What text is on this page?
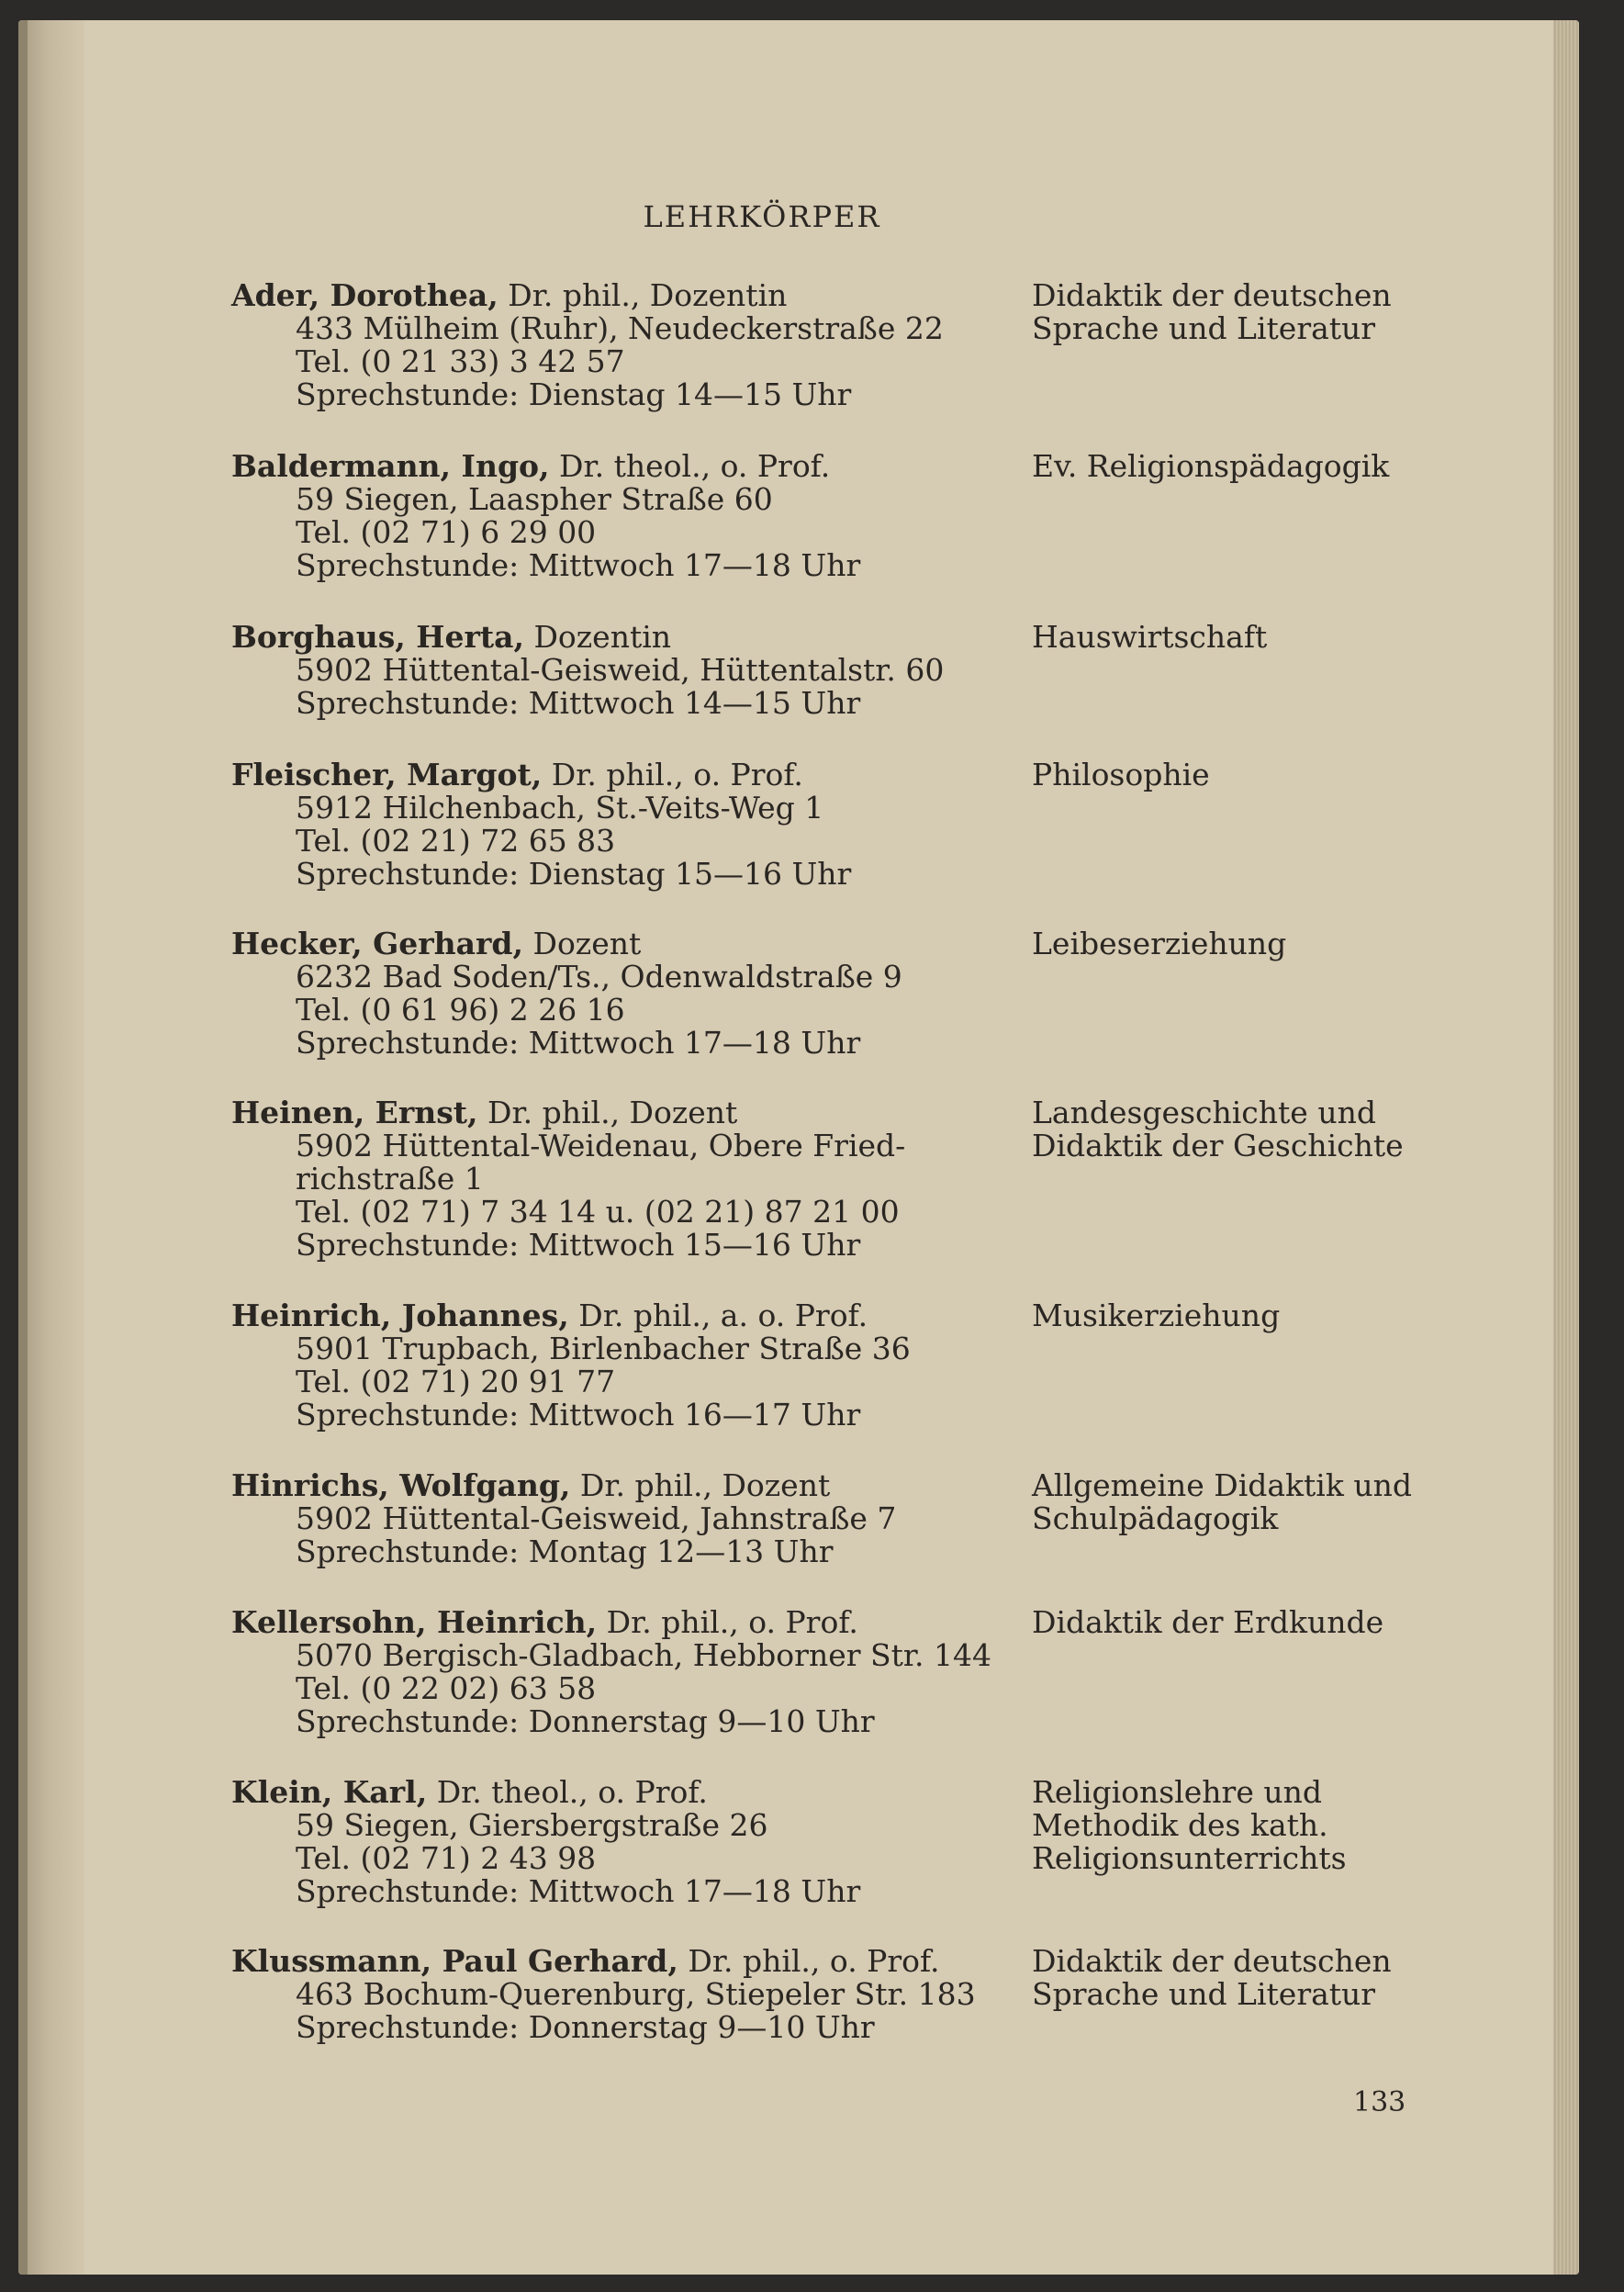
LEHRKÖRPER
Ader, Dorothea, Dr. phil., Dozentin
433 Mülheim (Ruhr), Neudeckerstraße 22
Tel. (0 21 33) 3 42 57
Sprechstunde: Dienstag 14—15 Uhr
Didaktik der deutschen Sprache und Literatur
Baldermann, Ingo, Dr. theol., o. Prof.
59 Siegen, Laaspher Straße 60
Tel. (02 71) 6 29 00
Sprechstunde: Mittwoch 17—18 Uhr
Ev. Religionspädagogik
Borghaus, Herta, Dozentin
5902 Hüttental-Geisweid, Hüttentalstr. 60
Sprechstunde: Mittwoch 14—15 Uhr
Hauswirtschaft
Fleischer, Margot, Dr. phil., o. Prof.
5912 Hilchenbach, St.-Veits-Weg 1
Tel. (02 21) 72 65 83
Sprechstunde: Dienstag 15—16 Uhr
Philosophie
Hecker, Gerhard, Dozent
6232 Bad Soden/Ts., Odenwaldstraße 9
Tel. (0 61 96) 2 26 16
Sprechstunde: Mittwoch 17—18 Uhr
Leibeserziehung
Heinen, Ernst, Dr. phil., Dozent
5902 Hüttental-Weidenau, Obere Fried-
richstraße 1
Tel. (02 71) 7 34 14 u. (02 21) 87 21 00
Sprechstunde: Mittwoch 15—16 Uhr
Landesgeschichte und Didaktik der Geschichte
Heinrich, Johannes, Dr. phil., a. o. Prof.
5901 Trupbach, Birlenbacher Straße 36
Tel. (02 71) 20 91 77
Sprechstunde: Mittwoch 16—17 Uhr
Musikerziehung
Hinrichs, Wolfgang, Dr. phil., Dozent
5902 Hüttental-Geisweid, Jahnstraße 7
Sprechstunde: Montag 12—13 Uhr
Allgemeine Didaktik und Schulpädagogik
Kellersohn, Heinrich, Dr. phil., o. Prof.
5070 Bergisch-Gladbach, Hebborner Str. 144
Tel. (0 22 02) 63 58
Sprechstunde: Donnerstag 9—10 Uhr
Didaktik der Erdkunde
Klein, Karl, Dr. theol., o. Prof.
59 Siegen, Giersbergstraße 26
Tel. (02 71) 2 43 98
Sprechstunde: Mittwoch 17—18 Uhr
Religionslehre und Methodik des kath. Religionsunterrichts
Klussmann, Paul Gerhard, Dr. phil., o. Prof.
463 Bochum-Querenburg, Stiepeler Str. 183
Sprechstunde: Donnerstag 9—10 Uhr
Didaktik der deutschen Sprache und Literatur
133
